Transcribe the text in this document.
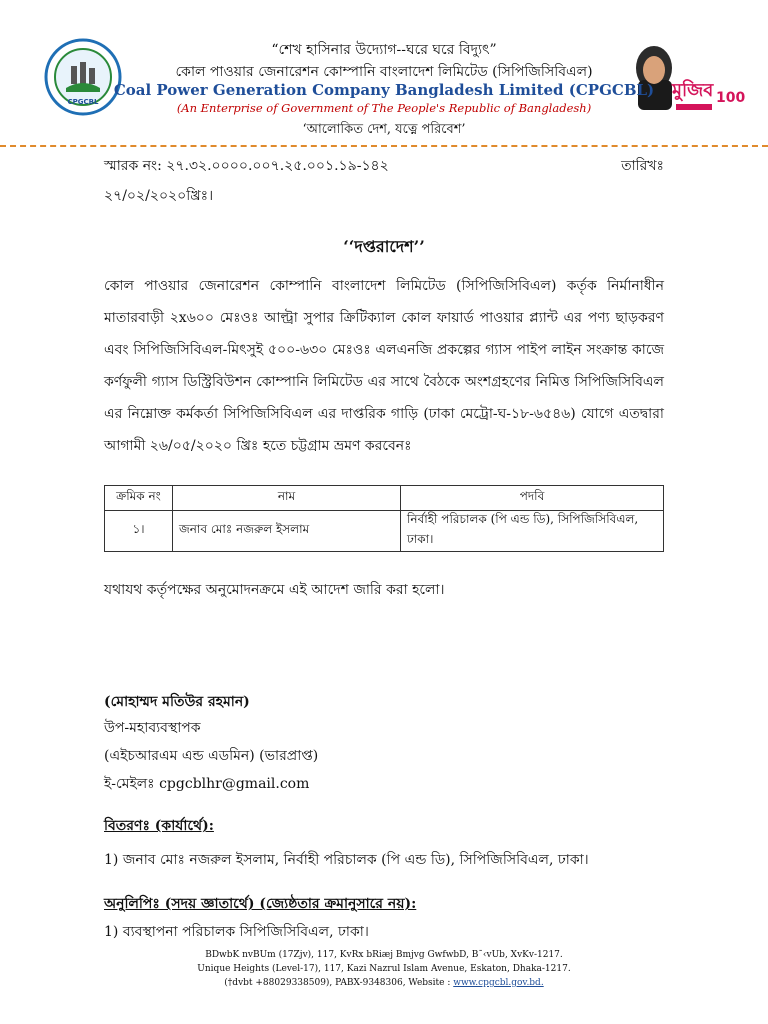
CPGCBL
মুজিব 100
“শেখ হাসিনার উদ্যোগ--ঘরে ঘরে বিদ্যুৎ”
কোল পাওয়ার জেনারেশন কোম্পানি বাংলাদেশ লিমিটেড (সিপিজিসিবিএল)
Coal Power Generation Company Bangladesh Limited (CPGCBL)
(An Enterprise of Government of The People's Republic of Bangladesh)
‘আলোকিত দেশ, যত্নে পরিবেশ’
স্মারক নং: ২৭.৩২.০০০০.০০৭.২৫.০০১.১৯-১৪২	তারিখঃ
২৭/০২/২০২০খ্রিঃ।
‘‘দপ্তরাদেশ’’
কোল পাওয়ার জেনারেশন কোম্পানি বাংলাদেশ লিমিটেড (সিপিজিসিবিএল) কর্তৃক নির্মানাধীন মাতারবাড়ী ২x৬০০ মেঃওঃ আল্ট্রা সুপার ক্রিটিক্যাল কোল ফায়ার্ড পাওয়ার প্ল্যান্ট এর পণ্য ছাড়করণ এবং সিপিজিসিবিএল-মিৎসুই ৫০০-৬৩০ মেঃওঃ এলএনজি প্রকল্পের গ্যাস পাইপ লাইন সংক্রান্ত কাজে কর্ণফুলী গ্যাস ডিস্ট্রিবিউশন কোম্পানি লিমিটেড এর সাথে বৈঠকে অংশগ্রহণের নিমিত্ত সিপিজিসিবিএল এর নিম্নোক্ত কর্মকর্তা সিপিজিসিবিএল এর দাপ্তরিক গাড়ি (ঢাকা মেট্রো-ঘ-১৮-৬৫৪৬) যোগে এতদ্বারা আগামী ২৬/০৫/২০২০ খ্রিঃ হতে চট্টগ্রাম ভ্রমণ করবেনঃ
ক্রমিক নং	নাম	পদবি
১।	জনাব মোঃ নজরুল ইসলাম	নির্বাহী পরিচালক (পি এন্ড ডি), সিপিজিসিবিএল, ঢাকা।
যথাযথ কর্তৃপক্ষের অনুমোদনক্রমে এই আদেশ জারি করা হলো।
(মোহাম্মদ মতিউর রহমান)
উপ-মহাব্যবস্থাপক
(এইচআরএম এন্ড এডমিন) (ভারপ্রাপ্ত)
ই-মেইলঃ cpgcblhr@gmail.com
বিতরণঃ (কার্যার্থে):
1) জনাব মোঃ নজরুল ইসলাম, নির্বাহী পরিচালক (পি এন্ড ডি), সিপিজিসিবিএল, ঢাকা।
অনুলিপিঃ (সদয় জ্ঞাতার্থে) (জ্যেষ্ঠতার ক্রমানুসারে নয়):
1) ব্যবস্থাপনা পরিচালক সিপিজিসিবিএল, ঢাকা।
BDwbK nvBUm (17Zjv), 117, KvRx bRiæj Bmjvg GwfwbD, B¯‹vUb, XvKv-1217.
Unique Heights (Level-17), 117, Kazi Nazrul Islam Avenue, Eskaton, Dhaka-1217.
(†dvbt +88029338509), PABX-9348306, Website : www.cpgcbl.gov.bd.
